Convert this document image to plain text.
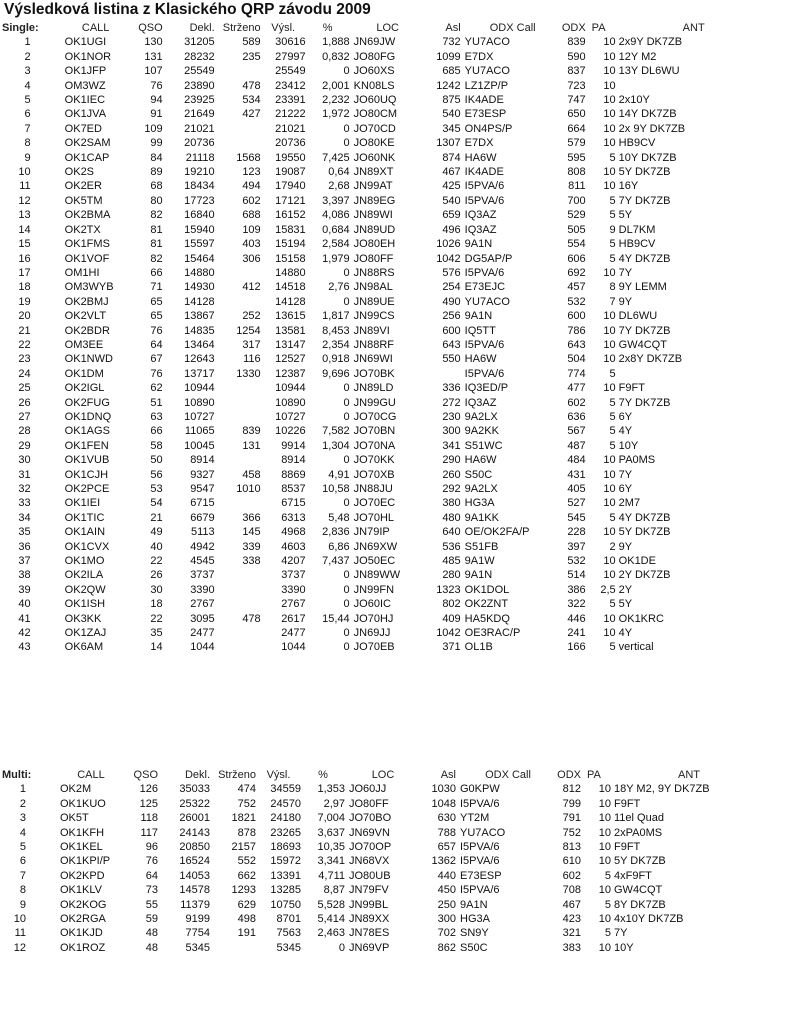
Výsledková listina z Klasického QRP závodu 2009
Single:			CALL	QSO	Dekl.	Strženo	Výsl.	%		LOC	Asl		ODX Call	ODX	PA		ANT
1			OK1UGI	130	31205	589	30616	1,888		JN69JW	732		YU7ACO	839	10		2x9Y DK7ZB
2			OK1NOR	131	28232	235	27997	0,832		JO80FG	1099		E7DX	590	10		12Y M2
3			OK1JFP	107	25549		25549	0		JO60XS	685		YU7ACO	837	10		13Y DL6WU
4			OM3WZ	76	23890	478	23412	2,001		KN08LS	1242		LZ1ZP/P	723	10		
5			OK1IEC	94	23925	534	23391	2,232		JO60UQ	875		IK4ADE	747	10		2x10Y
6			OK1JVA	91	21649	427	21222	1,972		JO80CM	540		E73ESP	650	10		14Y DK7ZB
7			OK7ED	109	21021		21021	0		JO70CD	345		ON4PS/P	664	10		2x 9Y DK7ZB
8			OK2SAM	99	20736		20736	0		JO80KE	1307		E7DX	579	10		HB9CV
9			OK1CAP	84	21118	1568	19550	7,425		JO60NK	874		HA6W	595	5		10Y DK7ZB
10			OK2S	89	19210	123	19087	0,64		JN89XT	467		IK4ADE	808	10		5Y DK7ZB
11			OK2ER	68	18434	494	17940	2,68		JN99AT	425		I5PVA/6	811	10		16Y
12			OK5TM	80	17723	602	17121	3,397		JN89EG	540		I5PVA/6	700	5		7Y DK7ZB
13			OK2BMA	82	16840	688	16152	4,086		JN89WI	659		IQ3AZ	529	5		5Y
14			OK2TX	81	15940	109	15831	0,684		JN89UD	496		IQ3AZ	505	9		DL7KM
15			OK1FMS	81	15597	403	15194	2,584		JO80EH	1026		9A1N	554	5		HB9CV
16			OK1VOF	82	15464	306	15158	1,979		JO80FF	1042		DG5AP/P	606	5		4Y DK7ZB
17			OM1HI	66	14880		14880	0		JN88RS	576		I5PVA/6	692	10		7Y
18			OM3WYB	71	14930	412	14518	2,76		JN98AL	254		E73EJC	457	8		9Y LEMM
19			OK2BMJ	65	14128		14128	0		JN89UE	490		YU7ACO	532	7		9Y
20			OK2VLT	65	13867	252	13615	1,817		JN99CS	256		9A1N	600	10		DL6WU
21			OK2BDR	76	14835	1254	13581	8,453		JN89VI	600		IQ5TT	786	10		7Y DK7ZB
22			OM3EE	64	13464	317	13147	2,354		JN88RF	643		I5PVA/6	643	10		GW4CQT
23			OK1NWD	67	12643	116	12527	0,918		JN69WI	550		HA6W	504	10		2x8Y DK7ZB
24			OK1DM	76	13717	1330	12387	9,696		JO70BK			I5PVA/6	774	5		
25			OK2IGL	62	10944		10944	0		JN89LD	336		IQ3ED/P	477	10		F9FT
26			OK2FUG	51	10890		10890	0		JN99GU	272		IQ3AZ	602	5		7Y DK7ZB
27			OK1DNQ	63	10727		10727	0		JO70CG	230		9A2LX	636	5		6Y
28			OK1AGS	66	11065	839	10226	7,582		JO70BN	300		9A2KK	567	5		4Y
29			OK1FEN	58	10045	131	9914	1,304		JO70NA	341		S51WC	487	5		10Y
30			OK1VUB	50	8914		8914	0		JO70KK	290		HA6W	484	10		PA0MS
31			OK1CJH	56	9327	458	8869	4,91		JO70XB	260		S50C	431	10		7Y
32			OK2PCE	53	9547	1010	8537	10,58		JN88JU	292		9A2LX	405	10		6Y
33			OK1IEI	54	6715		6715	0		JO70EC	380		HG3A	527	10		2M7
34			OK1TIC	21	6679	366	6313	5,48		JO70HL	480		9A1KK	545	5		4Y DK7ZB
35			OK1AIN	49	5113	145	4968	2,836		JN79IP	640		OE/OK2FA/P	228	10		5Y DK7ZB
36			OK1CVX	40	4942	339	4603	6,86		JN69XW	536		S51FB	397	2		9Y
37			OK1MO	22	4545	338	4207	7,437		JO50EC	485		9A1W	532	10		OK1DE
38			OK2ILA	26	3737		3737	0		JN89WW	280		9A1N	514	10		2Y DK7ZB
39			OK2QW	30	3390		3390	0		JN99FN	1323		OK1DOL	386	2,5		2Y
40			OK1ISH	18	2767		2767	0		JO60IC	802		OK2ZNT	322	5		5Y
41			OK3KK	22	3095	478	2617	15,44		JO70HJ	409		HA5KDQ	446	10		OK1KRC
42			OK1ZAJ	35	2477		2477	0		JN69JJ	1042		OE3RAC/P	241	10		4Y
43			OK6AM	14	1044		1044	0		JO70EB	371		OL1B	166	5		vertical
Multi:			CALL	QSO	Dekl.	Strženo	Výsl.	%		LOC	Asl		ODX Call	ODX	PA		ANT
1			OK2M	126	35033	474	34559	1,353		JO60JJ	1030		G0KPW	812	10		18Y M2, 9Y DK7ZB
2			OK1KUO	125	25322	752	24570	2,97		JO80FF	1048		I5PVA/6	799	10		F9FT
3			OK5T	118	26001	1821	24180	7,004		JO70BO	630		YT2M	791	10		11el Quad
4			OK1KFH	117	24143	878	23265	3,637		JN69VN	788		YU7ACO	752	10		2xPA0MS
5			OK1KEL	96	20850	2157	18693	10,35		JO70OP	657		I5PVA/6	813	10		F9FT
6			OK1KPI/P	76	16524	552	15972	3,341		JN68VX	1362		I5PVA/6	610	10		5Y DK7ZB
7			OK2KPD	64	14053	662	13391	4,711		JO80UB	440		E73ESP	602	5		4xF9FT
8			OK1KLV	73	14578	1293	13285	8,87		JN79FV	450		I5PVA/6	708	10		GW4CQT
9			OK2KOG	55	11379	629	10750	5,528		JN99BL	250		9A1N	467	5		8Y DK7ZB
10			OK2RGA	59	9199	498	8701	5,414		JN89XX	300		HG3A	423	10		4x10Y DK7ZB
11			OK1KJD	48	7754	191	7563	2,463		JN78ES	702		SN9Y	321	5		7Y
12			OK1ROZ	48	5345		5345	0		JN69VP	862		S50C	383	10		10Y
